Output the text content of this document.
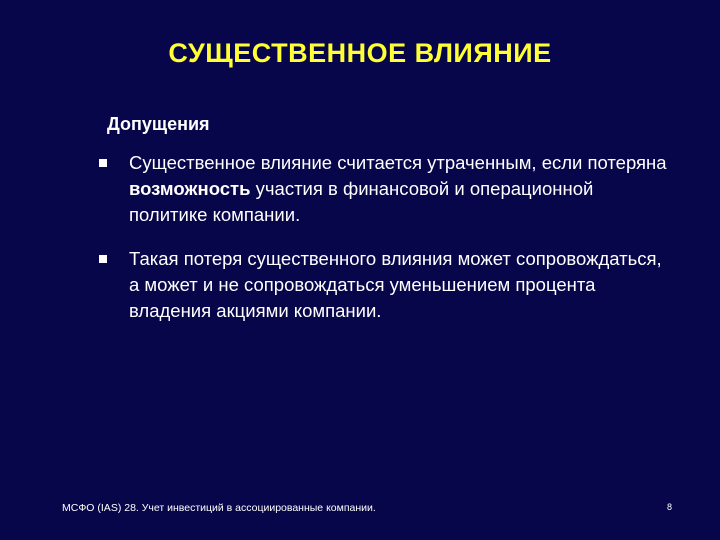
СУЩЕСТВЕННОЕ ВЛИЯНИЕ
Допущения
Существенное влияние считается утраченным, если потеряна возможность участия в финансовой и операционной политике компании.
Такая потеря существенного влияния может сопровождаться, а может и не сопровождаться уменьшением процента владения акциями компании.
МСФО (IAS) 28. Учет инвестиций в ассоциированные компании.	8
